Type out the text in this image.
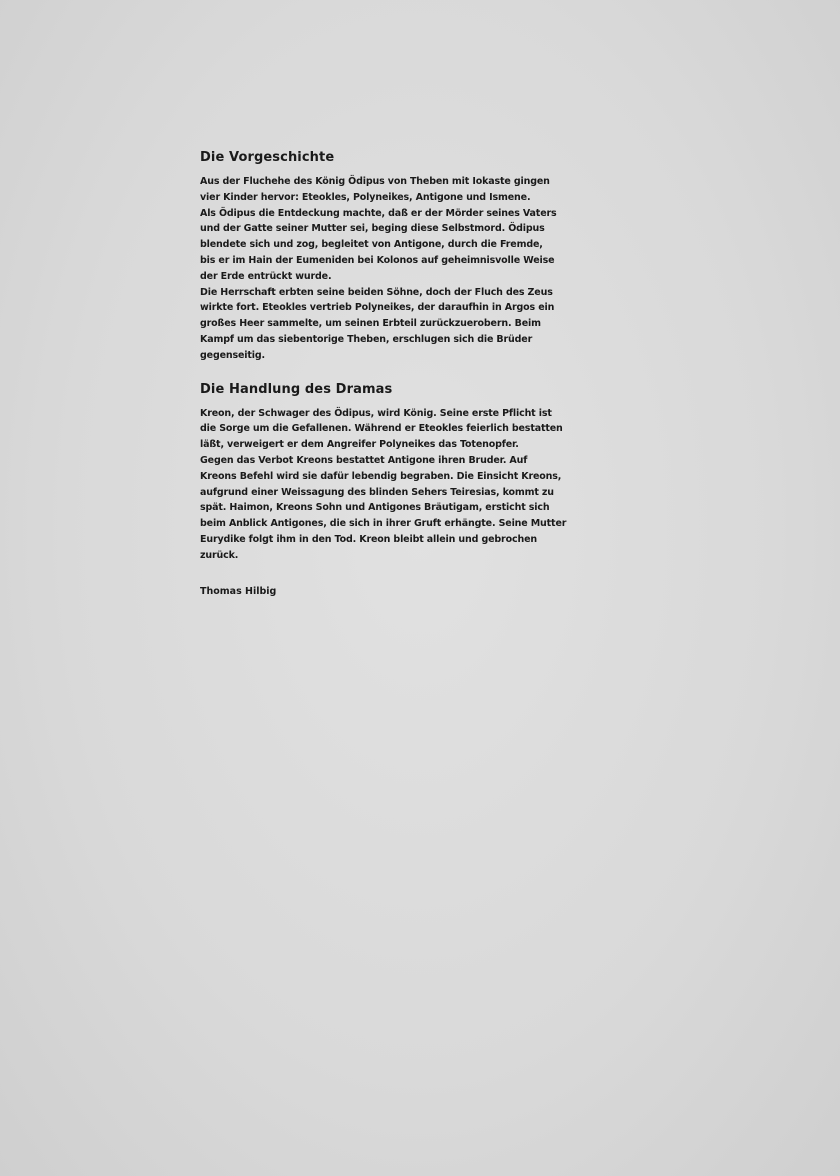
Die Vorgeschichte
Aus der Fluchehe des König Ödipus von Theben mit Iokaste gingen
vier Kinder hervor: Eteokles, Polyneikes, Antigone und Ismene.
Als Ödipus die Entdeckung machte, daß er der Mörder seines Vaters
und der Gatte seiner Mutter sei, beging diese Selbstmord. Ödipus
blendete sich und zog, begleitet von Antigone, durch die Fremde,
bis er im Hain der Eumeniden bei Kolonos auf geheimnisvolle Weise
der Erde entrückt wurde.
Die Herrschaft erbten seine beiden Söhne, doch der Fluch des Zeus
wirkte fort. Eteokles vertrieb Polyneikes, der daraufhin in Argos ein
großes Heer sammelte, um seinen Erbteil zurückzuerobern. Beim
Kampf um das siebentorige Theben, erschlugen sich die Brüder
gegenseitig.
Die Handlung des Dramas
Kreon, der Schwager des Ödipus, wird König. Seine erste Pflicht ist
die Sorge um die Gefallenen. Während er Eteokles feierlich bestatten
läßt, verweigert er dem Angreifer Polyneikes das Totenopfer.
Gegen das Verbot Kreons bestattet Antigone ihren Bruder. Auf
Kreons Befehl wird sie dafür lebendig begraben. Die Einsicht Kreons,
aufgrund einer Weissagung des blinden Sehers Teiresias, kommt zu
spät. Haimon, Kreons Sohn und Antigones Bräutigam, ersticht sich
beim Anblick Antigones, die sich in ihrer Gruft erhängte. Seine Mutter
Eurydike folgt ihm in den Tod. Kreon bleibt allein und gebrochen
zurück.
Thomas Hilbig
